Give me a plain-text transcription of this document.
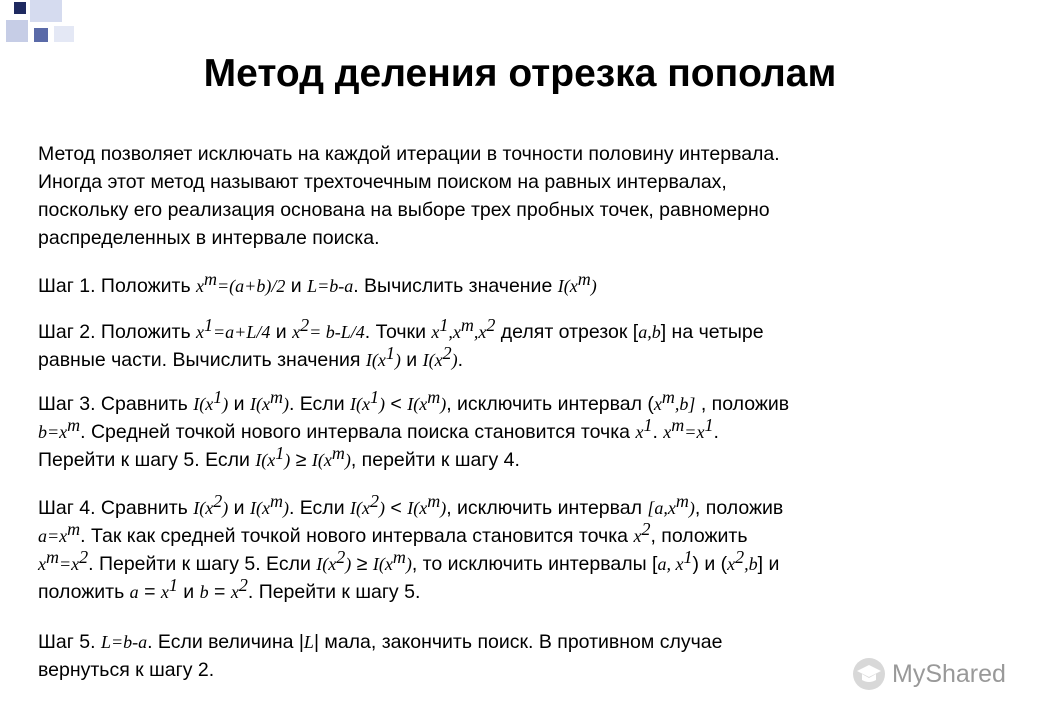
Метод деления отрезка пополам

Метод позволяет исключать на каждой итерации в точности половину интервала.

Иногда этот метод называют трехточечным поиском на равных интервалах,

поскольку его реализация основана на выборе трех пробных точек, равномерно

распределенных в интервале поиска.

Шаг 1. Положить $x^m=(a+b)/2$ и L=b-a. Вычислить значение $I(x^m)$

Шаг 2. Положить $x^1=a+L/4$ и $x^2= b-L/4$. Точки $x^1,x^m,x^2$ делят отрезок [a,b] на четыре

равные части. Вычислить значения $I(x^1)$ и $I(x^2)$.

Шаг 3. Сравнить $I(x^1)$ и $I(x^m)$. Если $I(x^1) < I(x^m)$, исключить интервал $(x^m,b]$ , положив

$b=x^m$. Средней точкой нового интервала поиска становится точка $x^1$. $x^m=x^1$.

Перейти к шагу 5. Если $I(x^1) \ge I(x^m)$, перейти к шагу 4.

Шаг 4. Сравнить $I(x^2)$ и $I(x^m)$. Если $I(x^2) < I(x^m)$, исключить интервал $[a,x^m)$, положив

$a=x^m$. Так как средней точкой нового интервала становится точка $x^2$, положить

$x^m=x^2$. Перейти к шагу 5. Если $I(x^2) \ge I(x^m)$, то исключить интервалы [a, $x^1$) и $(x^2,b]$ и

положить $a = x^1$ и $b = x^2$. Перейти к шагу 5.

Шаг 5. L=b-a. Если величина |L| мала, закончить поиск. В противном случае

вернуться к шагу 2.	MyShared
